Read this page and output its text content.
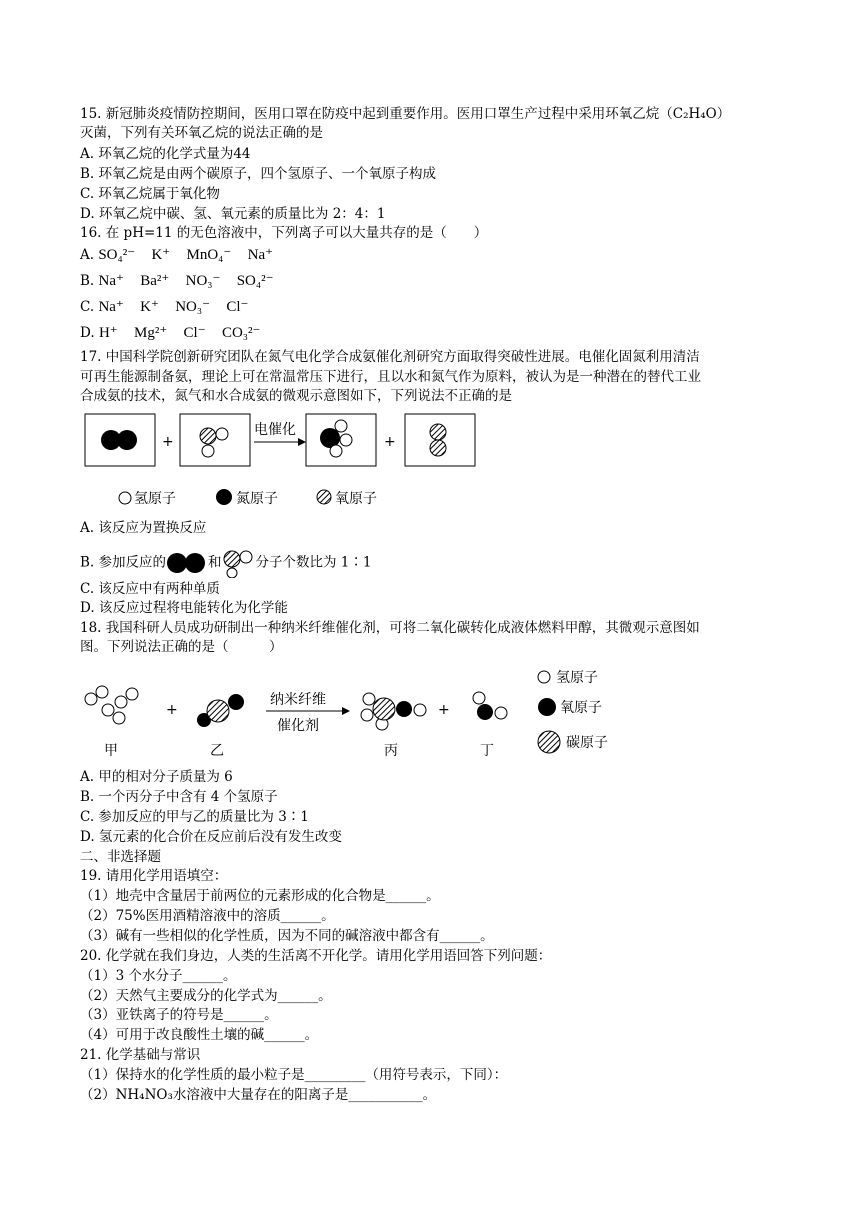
15. 新冠肺炎疫情防控期间，医用口罩在防疫中起到重要作用。医用口罩生产过程中采用环氧乙烷（C₂H₄O）
灭菌，下列有关环氧乙烷的说法正确的是
A. 环氧乙烷的化学式量为44
B. 环氧乙烷是由两个碳原子，四个氢原子、一个氧原子构成
C. 环氧乙烷属于氧化物
D. 环氧乙烷中碳、氢、氧元素的质量比为 2：4：1
16. 在 pH=11 的无色溶液中，下列离子可以大量共存的是（　　）
A. SO₄²⁻ K⁺ MnO₄⁻ Na⁺
B. Na⁺ Ba²⁺ NO₃⁻ SO₄²⁻
C. Na⁺ K⁺ NO₃⁻ Cl⁻
D. H⁺ Mg²⁺ Cl⁻ CO₃²⁻
17. 中国科学院创新研究团队在氮气电化学合成氨催化剂研究方面取得突破性进展。电催化固氮利用清洁
可再生能源制备氨，理论上可在常温常压下进行，且以水和氮气作为原料，被认为是一种潜在的替代工业
合成氨的技术，氮气和水合成氨的微观示意图如下，下列说法不正确的是
+
电催化
+
氢原子	氮原子	氧原子
A. 该反应为置换反应
B. 参加反应的	和	分子个数比为 1∶1
C. 该反应中有两种单质
D. 该反应过程将电能转化为化学能
18. 我国科研人员成功研制出一种纳米纤维催化剂，可将二氧化碳转化成液体燃料甲醇，其微观示意图如
图。下列说法正确的是（　　　）
甲
+
乙
纳米纤维
催化剂
丙
+
丁
氢原子
氧原子
碳原子
A. 甲的相对分子质量为 6
B. 一个丙分子中含有 4 个氢原子
C. 参加反应的甲与乙的质量比为 3∶1
D. 氢元素的化合价在反应前后没有发生改变
二、非选择题
19. 请用化学用语填空：
（1）地壳中含量居于前两位的元素形成的化合物是______。
（2）75%医用酒精溶液中的溶质______。
（3）碱有一些相似的化学性质，因为不同的碱溶液中都含有______。
20. 化学就在我们身边，人类的生活离不开化学。请用化学用语回答下列问题：
（1）3 个水分子______。
（2）天然气主要成分的化学式为______。
（3）亚铁离子的符号是______。
（4）可用于改良酸性土壤的碱______。
21. 化学基础与常识
（1）保持水的化学性质的最小粒子是_________（用符号表示，下同）：
（2）NH₄NO₃水溶液中大量存在的阳离子是___________。
